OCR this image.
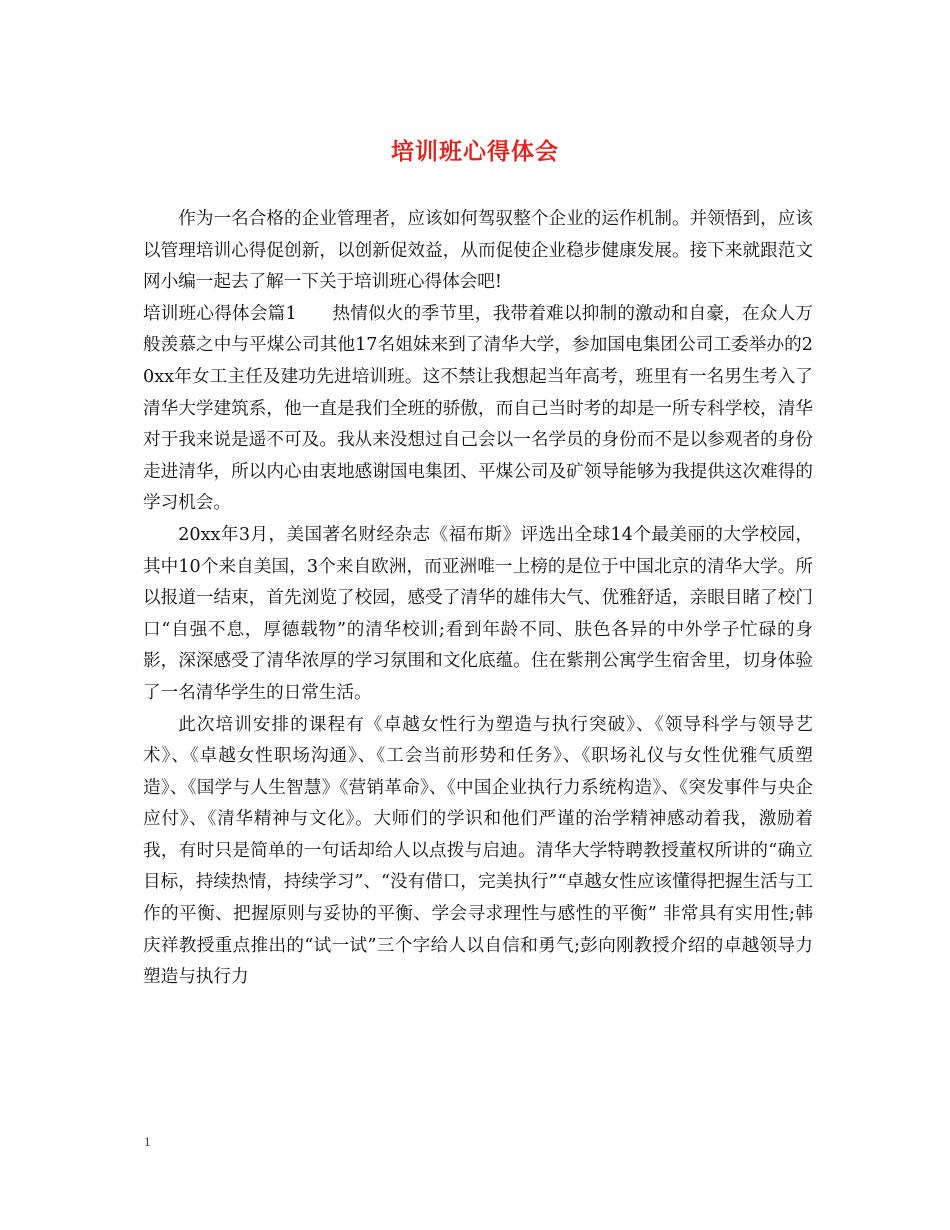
培训班心得体会

作为一名合格的企业管理者，应该如何驾驭整个企业的运作机制。并领悟到，应该以管理培训心得促创新，以创新促效益，从而促使企业稳步健康发展。接下来就跟范文网小编一起去了解一下关于培训班心得体会吧!

培训班心得体会篇1　　热情似火的季节里，我带着难以抑制的激动和自豪，在众人万般羡慕之中与平煤公司其他17名姐妹来到了清华大学，参加国电集团公司工委举办的20xx年女工主任及建功先进培训班。这不禁让我想起当年高考，班里有一名男生考入了清华大学建筑系，他一直是我们全班的骄傲，而自己当时考的却是一所专科学校，清华对于我来说是遥不可及。我从来没想过自己会以一名学员的身份而不是以参观者的身份走进清华，所以内心由衷地感谢国电集团、平煤公司及矿领导能够为我提供这次难得的学习机会。

20xx年3月，美国著名财经杂志《福布斯》评选出全球14个最美丽的大学校园，其中10个来自美国，3个来自欧洲，而亚洲唯一上榜的是位于中国北京的清华大学。所以报道一结束，首先浏览了校园，感受了清华的雄伟大气、优雅舒适，亲眼目睹了校门口“自强不息，厚德载物”的清华校训;看到年龄不同、肤色各异的中外学子忙碌的身影，深深感受了清华浓厚的学习氛围和文化底蕴。住在紫荆公寓学生宿舍里，切身体验了一名清华学生的日常生活。

此次培训安排的课程有《卓越女性行为塑造与执行突破》、《领导科学与领导艺术》、《卓越女性职场沟通》、《工会当前形势和任务》、《职场礼仪与女性优雅气质塑造》、《国学与人生智慧》《营销革命》、《中国企业执行力系统构造》、《突发事件与央企应付》、《清华精神与文化》。大师们的学识和他们严谨的治学精神感动着我，激励着我，有时只是简单的一句话却给人以点拨与启迪。清华大学特聘教授董权所讲的“确立目标，持续热情，持续学习”、“没有借口，完美执行”“卓越女性应该懂得把握生活与工作的平衡、把握原则与妥协的平衡、学会寻求理性与感性的平衡” 非常具有实用性;韩庆祥教授重点推出的“试一试”三个字给人以自信和勇气;彭向刚教授介绍的卓越领导力塑造与执行力

1
